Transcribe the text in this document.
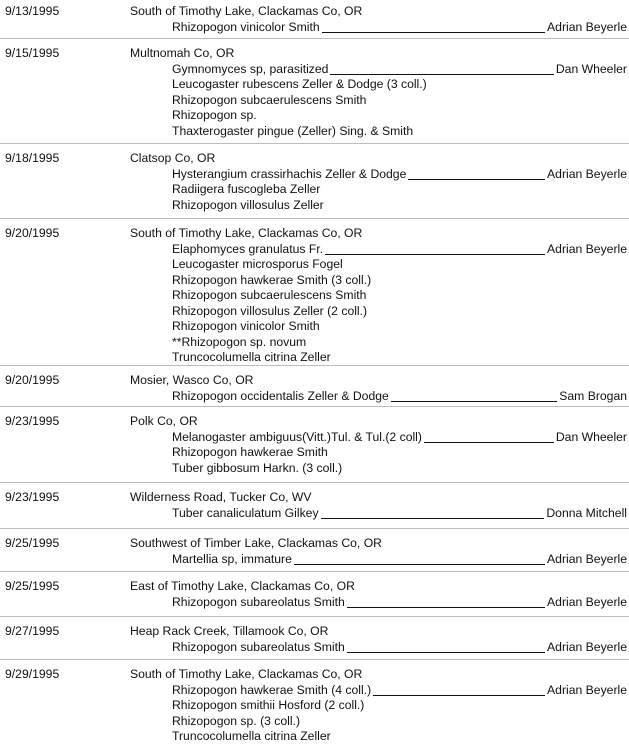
9/13/1995	South of Timothy Lake, Clackamas Co, OR
Rhizopogon vinicolor Smith	Adrian Beyerle
9/15/1995	Multnomah Co, OR
Gymnomyces sp, parasitized	Dan Wheeler
Leucogaster rubescens Zeller & Dodge (3 coll.)
Rhizopogon subcaerulescens Smith
Rhizopogon sp.
Thaxterogaster pingue (Zeller) Sing. & Smith
9/18/1995	Clatsop Co, OR
Hysterangium crassirhachis Zeller & Dodge	Adrian Beyerle
Radiigera fuscogleba Zeller
Rhizopogon villosulus Zeller
9/20/1995	South of Timothy Lake, Clackamas Co, OR
Elaphomyces granulatus Fr.	Adrian Beyerle
Leucogaster microsporus Fogel
Rhizopogon hawkerae Smith (3 coll.)
Rhizopogon subcaerulescens Smith
Rhizopogon villosulus Zeller (2 coll.)
Rhizopogon vinicolor Smith
**Rhizopogon sp. novum
Truncocolumella citrina Zeller
9/20/1995	Mosier, Wasco Co, OR
Rhizopogon occidentalis Zeller & Dodge	Sam Brogan
9/23/1995	Polk Co, OR
Melanogaster ambiguus(Vitt.)Tul. & Tul.(2 coll)	Dan Wheeler
Rhizopogon hawkerae Smith
Tuber gibbosum Harkn. (3 coll.)
9/23/1995	Wilderness Road, Tucker Co, WV
Tuber canaliculatum Gilkey	Donna Mitchell
9/25/1995	Southwest of Timber Lake, Clackamas Co, OR
Martellia sp, immature	Adrian Beyerle
9/25/1995	East of Timothy Lake, Clackamas Co, OR
Rhizopogon subareolatus Smith	Adrian Beyerle
9/27/1995	Heap Rack Creek, Tillamook Co, OR
Rhizopogon subareolatus Smith	Adrian Beyerle
9/29/1995	South of Timothy Lake, Clackamas Co, OR
Rhizopogon hawkerae Smith (4 coll.)	Adrian Beyerle
Rhizopogon smithii Hosford (2 coll.)
Rhizopogon sp. (3 coll.)
Truncocolumella citrina Zeller
